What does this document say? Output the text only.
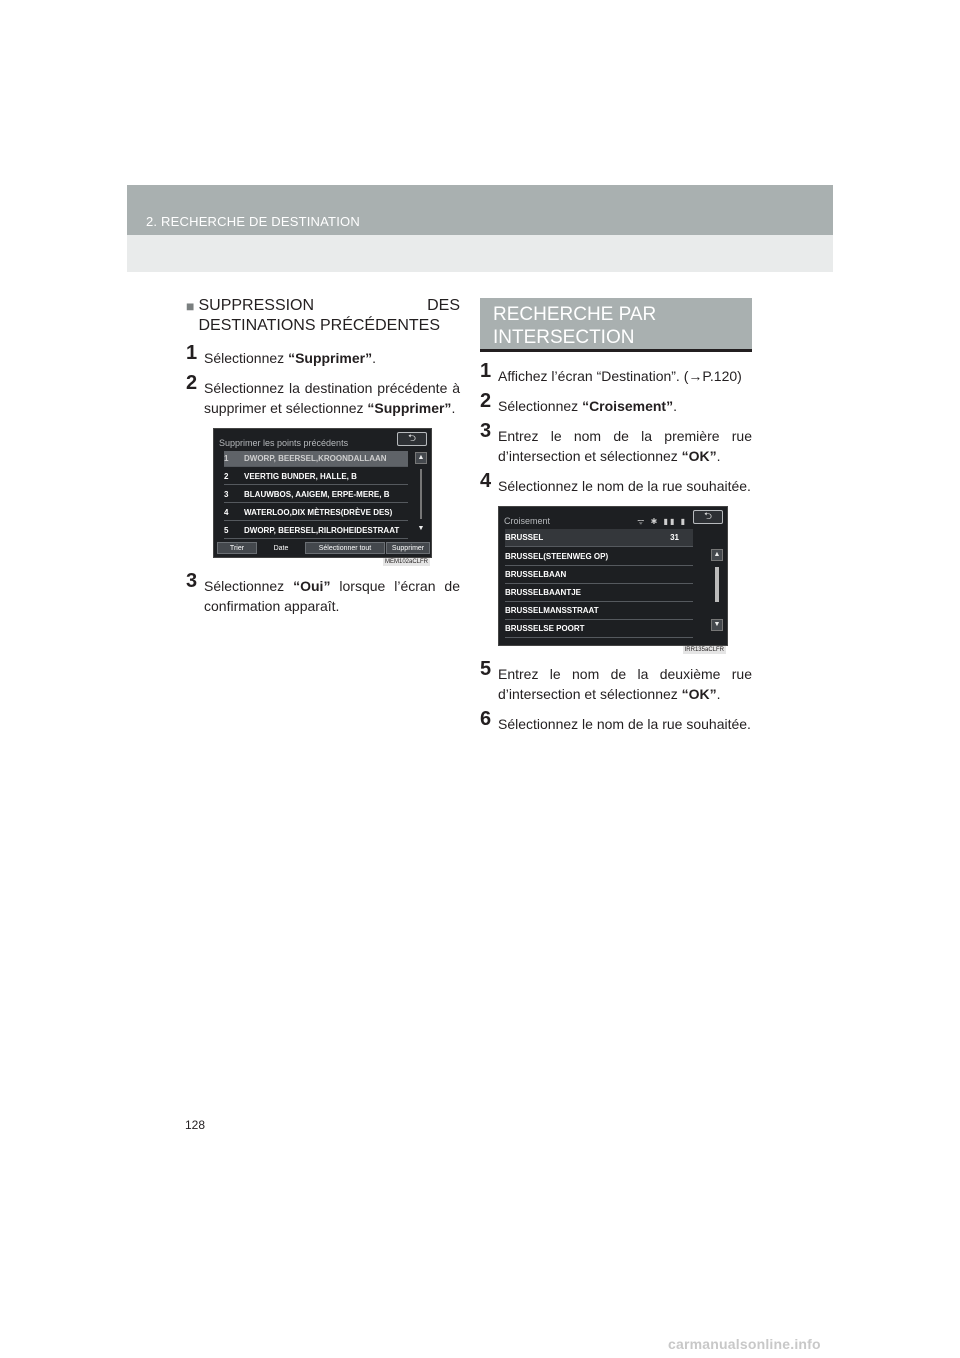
2. RECHERCHE DE DESTINATION
■ SUPPRESSION DES
DESTINATIONS PRÉCÉDENTES
1 Sélectionnez “Supprimer”.
2 Sélectionnez la destination précédente à supprimer et sélectionnez “Supprimer”.
Supprimer les points précédents	⮌
1	DWORP, BEERSEL,KROONDALLAAN
2	VEERTIG BUNDER, HALLE, B
3	BLAUWBOS, AAIGEM, ERPE-MERE, B
4	WATERLOO,DIX MÈTRES(DRÈVE DES)
5	DWORP, BEERSEL,RILROHEIDESTRAAT
▲
▼
Trier	Date	Sélectionner tout	Supprimer
MEM102aCLFR
3 Sélectionnez “Oui” lorsque l’écran de confirmation apparaît.
RECHERCHE PAR
INTERSECTION
1 Affichez l’écran “Destination”. (→P.120)
2 Sélectionnez “Croisement”.
3 Entrez le nom de la première rue d’intersection et sélectionnez “OK”.
4 Sélectionnez le nom de la rue souhaitée.
Croisement	ᯤ ✱ ▮▮ ▮	⮌
BRUSSEL	31
BRUSSEL(STEENWEG OP)
BRUSSELBAAN
BRUSSELBAANTJE
BRUSSELMANSSTRAAT
BRUSSELSE POORT
▲
▼
IRR135aCLFR
5 Entrez le nom de la deuxième rue d’intersection et sélectionnez “OK”.
6 Sélectionnez le nom de la rue souhaitée.
128
carmanualsonline.info
